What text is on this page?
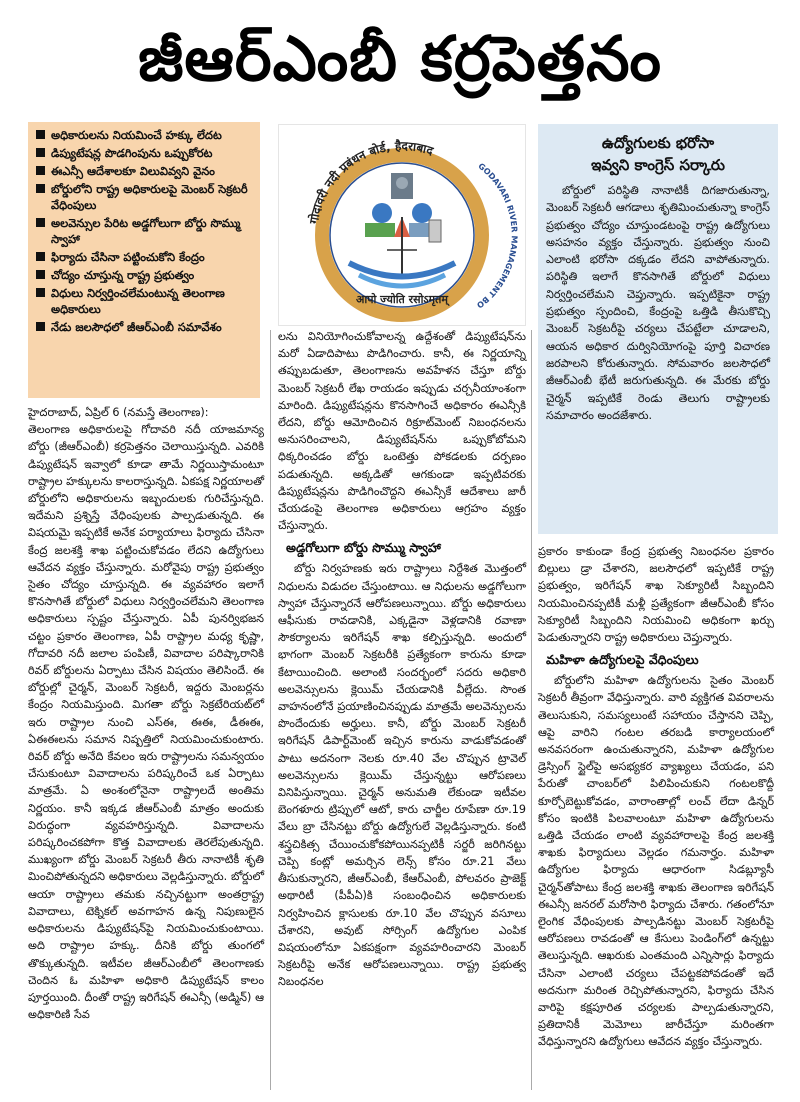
జీఆర్ఎంబీ కర్రపెత్తనం
అధికారులను నియమించే హక్కు లేదట
డిప్యుటేషన్ల పొడగింపును ఒప్పుకోరట
ఈఎన్సీ ఆదేశాలకూ విలువివ్వని వైనం
బోర్డులోని రాష్ట్ర అధికారులపై మెంబర్ సెక్రటరీ వేధింపులు
అలవెన్సుల పేరిట అడ్డగోలుగా బోర్డు సొమ్ము స్వాహా
ఫిర్యాదు చేసినా పట్టించుకోని కేంద్రం
చోద్యం చూస్తున్న రాష్ట్ర ప్రభుత్వం
విధులు నిర్వర్తించలేమంటున్న తెలంగాణ అధికారులు
నేడు జలసౌధలో జీఆర్ఎంబీ సమావేశం
गोदावरी नदी प्रबंधन बोर्ड, हैदराबाद
GODAVARI RIVER MANAGEMENT BO
आपो ज्योति रसोऽमृतम्
ఉద్యోగులకు భరోసా
ఇవ్వని కాంగ్రెస్ సర్కారు
బోర్డులో పరిస్థితి నానాటికీ దిగజారుతున్నా, మెంబర్ సెక్రటరీ ఆగడాలు శృతిమించుతున్నా కాంగ్రెస్ ప్రభుత్వం చోద్యం చూస్తుండటంపై రాష్ట్ర ఉద్యోగులు అసహనం వ్యక్తం చేస్తున్నారు. ప్రభుత్వం నుంచి ఎలాంటి భరోసా దక్కడం లేదని వాపోతున్నారు. పరిస్థితి ఇలాగే కొనసాగితే బోర్డులో విధులు నిర్వర్తించలేమని చెప్తున్నారు. ఇప్పటికైనా రాష్ట్ర ప్రభుత్వం స్పందించి, కేంద్రంపై ఒత్తిడి తీసుకొచ్చి మెంబర్ సెక్రటరీపై చర్యలు చేపట్టేలా చూడాలని, ఆయన అధికార దుర్వినియోగంపై పూర్తి విచారణ జరపాలని కోరుతున్నారు. సోమవారం జలసౌధలో జీఆర్ఎంబీ భేటీ జరుగుతున్నది. ఈ మేరకు బోర్డు చైర్మన్ ఇప్పటికే రెండు తెలుగు రాష్ట్రాలకు సమాచారం అందజేశారు.

హైదరాబాద్, ఏప్రిల్ 6 (నమస్తే తెలంగాణ):

తెలంగాణ అధికారులపై గోదావరి నదీ యాజమాన్య బోర్డు (జీఆర్ఎంబీ) కర్రపెత్తనం చెలాయిస్తున్నది. ఎవరికి డిప్యుటేషన్ ఇవ్వాలో కూడా తామే నిర్ణయిస్తామంటూ రాష్ట్రాల హక్కులను కాలరాస్తున్నది. ఏకపక్ష నిర్ణయాలతో బోర్డులోని అధికారులను ఇబ్బందులకు గురిచేస్తున్నది. ఇదేమని ప్రశ్నిస్తే వేధింపులకు పాల్పడుతున్నది. ఈ విషయమై ఇప్పటికే అనేక పర్యాయాలు ఫిర్యాదు చేసినా కేంద్ర జలశక్తి శాఖ పట్టించుకోవడం లేదని ఉద్యోగులు ఆవేదన వ్యక్తం చేస్తున్నారు. మరోవైపు రాష్ట్ర ప్రభుత్వం సైతం చోద్యం చూస్తున్నది. ఈ వ్యవహారం ఇలాగే కొనసాగితే బోర్డులో విధులు నిర్వర్తించలేమని తెలంగాణ అధికారులు స్పష్టం చేస్తున్నారు. ఏపీ పునర్విభజన చట్టం ప్రకారం తెలంగాణ, ఏపీ రాష్ట్రాల మధ్య కృష్ణా, గోదావరి నదీ జలాల పంపిణీ, వివాదాల పరిష్కారానికి రివర్ బోర్డులను ఏర్పాటు చేసిన విషయం తెలిసిందే. ఈ బోర్డుల్లో చైర్మన్, మెంబర్ సెక్రటరీ, ఇద్దరు మెంబర్లను కేంద్రం నియమిస్తుంది. మిగతా బోర్డు సెక్రటేరియట్‌లో ఇరు రాష్ట్రాల నుంచి ఎస్ఈ, ఈఈ, డీఈఈ, ఏఈఈలను సమాన నిష్పత్తిలో నియమించుకుంటారు. రివర్ బోర్డు అనేది కేవలం ఇరు రాష్ట్రాలను సమన్వయం చేసుకుంటూ వివాదాలను పరిష్కరించే ఒక ఏర్పాటు మాత్రమే. ఏ అంశంలోనైనా రాష్ట్రాలదే అంతిమ నిర్ణయం. కానీ ఇక్కడ జీఆర్ఎంబీ మాత్రం అందుకు విరుద్ధంగా వ్యవహరిస్తున్నది. వివాదాలను పరిష్కరించకపోగా కొత్త వివాదాలకు తెరలేపుతున్నది. ముఖ్యంగా బోర్డు మెంబర్ సెక్రటరీ తీరు నానాటికీ శృతి మించిపోతున్నదని అధికారులు వెల్లడిస్తున్నారు. బోర్డులో ఆయా రాష్ట్రాలు తమకు నచ్చినట్టుగా అంతర్రాష్ట్ర వివాదాలు, టెక్నికల్ అవగాహన ఉన్న నిపుణులైన అధికారులను డిప్యుటేషన్‌పై నియమించుకుంటాయి. అది రాష్ట్రాల హక్కు. దీనికి బోర్డు తుంగలో తొక్కుతున్నది. ఇటీవల జీఆర్ఎంబీలో తెలంగాణకు చెందిన ఓ మహిళా అధికారి డిప్యుటేషన్ కాలం పూర్తయింది. దీంతో రాష్ట్ర ఇరిగేషన్ ఈఎన్సీ (అడ్మిన్) ఆ అధికారిణి సేవ

లను వినియోగించుకోవాలన్న ఉద్దేశంతో డిప్యుటేషన్‌ను మరో ఏడాదిపాటు పొడిగించారు. కానీ, ఈ నిర్ణయాన్ని తప్పుబడుతూ, తెలంగాణను అవహేళన చేస్తూ బోర్డు మెంబర్ సెక్రటరీ లేఖ రాయడం ఇప్పుడు చర్చనీయాంశంగా మారింది. డిప్యుటేషన్లను కొనసాగించే అధికారం ఈఎన్సీకి లేదని, బోర్డు ఆమోదించిన రిక్రూట్‌మెంట్ నిబంధనలను అనుసరించాలని, డిప్యుటేషన్‌ను ఒప్పుకోబోమని ధిక్కరించడం బోర్డు ఒంటెత్తు పోకడలకు దర్పణం పడుతున్నది. అక్కడితో ఆగకుండా ఇప్పటివరకు డిప్యుటేషన్లను పొడిగించొద్దని ఈఎన్సీకే ఆదేశాలు జారీ చేయడంపై తెలంగాణ అధికారులు ఆగ్రహం వ్యక్తం చేస్తున్నారు.

అడ్డగోలుగా బోర్డు సొమ్ము స్వాహా

బోర్డు నిర్వహణకు ఇరు రాష్ట్రాలు నిర్దేశిత మొత్తంలో నిధులను విడుదల చేస్తుంటాయి. ఆ నిధులను అడ్డగోలుగా స్వాహా చేస్తున్నారనే ఆరోపణలున్నాయి. బోర్డు అధికారులు ఆఫీసుకు రావడానికి, ఎక్కడైనా వెళ్లడానికి రవాణా సౌకర్యాలను ఇరిగేషన్ శాఖ కల్పిస్తున్నది. అందులో భాగంగా మెంబర్ సెక్రటరీకి ప్రత్యేకంగా కారును కూడా కేటాయించింది. అలాంటి సందర్భంలో సదరు అధికారి అలవెన్సులను క్లెయిమ్ చేయడానికి వీల్లేదు. సొంత వాహనంలోనే ప్రయాణించినప్పుడు మాత్రమే అలవెన్సులను పొందేందుకు అర్హులు. కానీ, బోర్డు మెంబర్ సెక్రటరీ ఇరిగేషన్ డిపార్ట్‌మెంట్ ఇచ్చిన కారును వాడుకోవడంతో పాటు అదనంగా నెలకు రూ.40 వేల చొప్పున ట్రావెల్ అలవెన్సులను క్లెయిమ్ చేస్తున్నట్టు ఆరోపణలు వినిపిస్తున్నాయి. చైర్మన్ అనుమతి లేకుండా ఇటీవల బెంగళూరు ట్రిప్పులో ఆటో, కారు చార్జీల రూపేణా రూ.19 వేలు బ్రా చేసినట్టు బోర్డు ఉద్యోగులే వెల్లడిస్తున్నారు. కంటి శస్త్రచికిత్స చేయించుకోకపోయినప్పటికీ సర్జరీ జరిగినట్టు చెప్పి కంట్లో అమర్చిన లెన్స్ కోసం రూ.21 వేలు తీసుకున్నారని, జీఆర్ఎంబీ, కేఆర్ఎంబీ, పోలవరం ప్రాజెక్ట్ అథారిటీ (పీపీఏ)కి సంబంధించిన అధికారులకు నిర్వహించిన క్లాసులకు రూ.10 వేల చొప్పున వసూలు చేశారని, అవుట్ సోర్సింగ్ ఉద్యోగుల ఎంపిక విషయంలోనూ ఏకపక్షంగా వ్యవహరించారని మెంబర్ సెక్రటరీపై అనేక ఆరోపణలున్నాయి. రాష్ట్ర ప్రభుత్వ నిబంధనల

ప్రకారం కాకుండా కేంద్ర ప్రభుత్వ నిబంధనల ప్రకారం బిల్లులు డ్రా చేశారని, జలసౌధలో ఇప్పటికే రాష్ట్ర ప్రభుత్వం, ఇరిగేషన్ శాఖ సెక్యూరిటీ సిబ్బందిని నియమించినప్పటికీ మళ్లీ ప్రత్యేకంగా జీఆర్ఎంబీ కోసం సెక్యూరిటీ సిబ్బందిని నియమించి అధికంగా ఖర్చు పెడుతున్నారని రాష్ట్ర అధికారులు చెప్తున్నారు.

మహిళా ఉద్యోగులపై వేధింపులు

బోర్డులోని మహిళా ఉద్యోగులను సైతం మెంబర్ సెక్రటరీ తీవ్రంగా వేధిస్తున్నారు. వారి వ్యక్తిగత వివరాలను తెలుసుకుని, సమస్యలుంటే సహాయం చేస్తానని చెప్పి, ఆపై వారిని గంటల తరబడి కార్యాలయంలో అనవసరంగా ఉంచుతున్నారని, మహిళా ఉద్యోగుల డ్రెస్సింగ్ స్టైల్‌పై అసభ్యకర వ్యాఖ్యలు చేయడం, పని పేరుతో చాంబర్‌లో పిలిపించుకుని గంటలకొద్దీ కూర్చోబెట్టుకోవడం, వారాంతాల్లో లంచ్ లేదా డిన్నర్ కోసం ఇంటికి పిలవాలంటూ మహిళా ఉద్యోగులను ఒత్తిడి చేయడం లాంటి వ్యవహారాలపై కేంద్ర జలశక్తి శాఖకు ఫిర్యాదులు వెల్లడం గమనార్హం. మహిళా ఉద్యోగుల ఫిర్యాదు ఆధారంగా సిడబ్ల్యూసీ చైర్మన్‌తోపాటు కేంద్ర జలశక్తి శాఖకు తెలంగాణ ఇరిగేషన్ ఈఎన్సీ జనరల్ మరోసారి ఫిర్యాదు చేశారు. గతంలోనూ లైంగిక వేధింపులకు పాల్పడినట్టు మెంబర్ సెక్రటరీపై ఆరోపణలు రావడంతో ఆ కేసులు పెండింగ్‌లో ఉన్నట్టు తెలుస్తున్నది. ఆఖరుకు ఎంతమంది ఎన్నిసార్లు ఫిర్యాదు చేసినా ఎలాంటి చర్యలు చేపట్టకపోవడంతో ఇదే అదనుగా మరింత రెచ్చిపోతున్నారని, ఫిర్యాదు చేసిన వారిపై కక్షపూరిత చర్యలకు పాల్పడుతున్నారని, ప్రతిదానికీ మెమోలు జారీచేస్తూ మరింతగా వేధిస్తున్నారని ఉద్యోగులు ఆవేదన వ్యక్తం చేస్తున్నారు.
